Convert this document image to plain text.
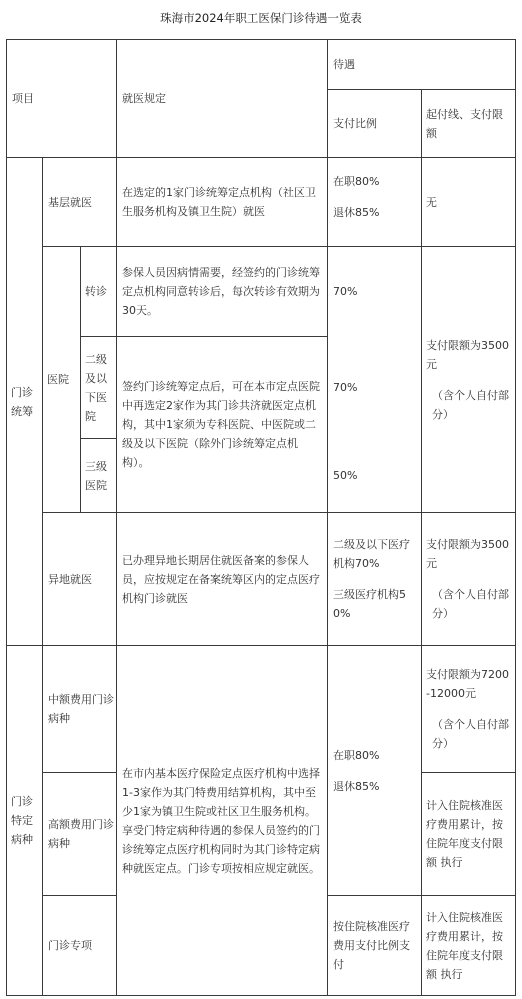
珠海市2024年职工医保门诊待遇一览表
项目	就医规定
待遇
支付比例
起付线、支付限额
门诊统筹
基层就医
在选定的1家门诊统筹定点机构（社区卫生服务机构及镇卫生院）就医
在职80%
退休85%
无
医院
转诊
参保人员因病情需要，经签约的门诊统筹定点机构同意转诊后，每次转诊有效期为30天。
70%
二级及以下医院
70%
三级医院
50%
签约门诊统筹定点后，可在本市定点医院中再选定2家作为其门诊共济就医定点机构，其中1家须为专科医院、中医院或二级及以下医院（除外门诊统筹定点机构）。
支付限额为3500元
（含个人自付部分）
异地就医
已办理异地长期居住就医备案的参保人员，应按规定在备案统筹区内的定点医疗机构门诊就医
二级及以下医疗机构70%
三级医疗机构50%
支付限额为3500元
（含个人自付部分）
门诊特定病种
中额费用门诊病种
支付限额为7200-12000元
（含个人自付部分）
高额费用门诊病种
计入住院核准医疗费用累计，按住院年度支付限额 执行
在市内基本医疗保险定点医疗机构中选择1-3家作为其门特费用结算机构，其中至少1家为镇卫生院或社区卫生服务机构。享受门特定病种待遇的参保人员签约的门诊统筹定点医疗机构同时为其门诊特定病种就医定点。门诊专项按相应规定就医。
在职80%
退休85%
门诊专项
按住院核准医疗费用支付比例支付
计入住院核准医疗费用累计，按住院年度支付限额 执行
